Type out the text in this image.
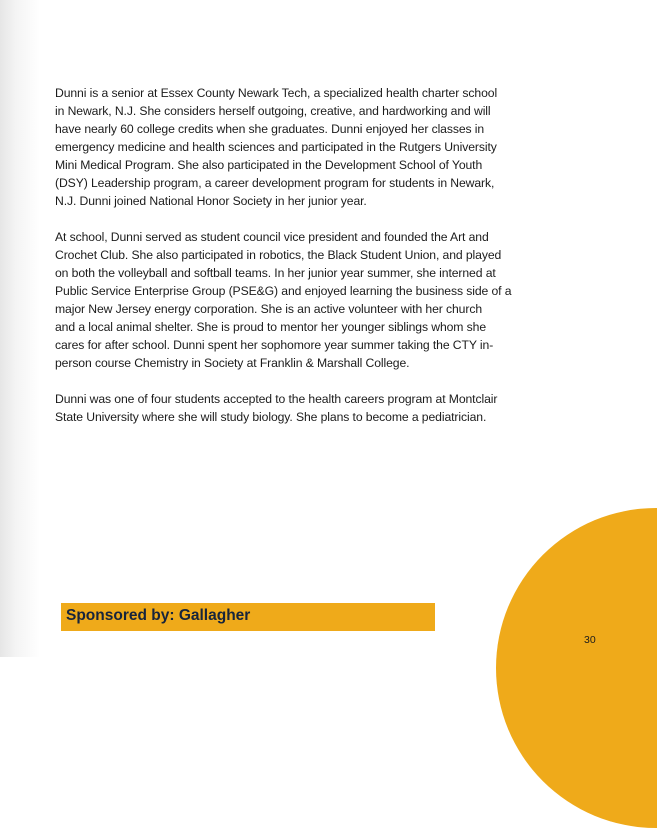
Dunni is a senior at Essex County Newark Tech, a specialized health charter school
in Newark, N.J. She considers herself outgoing, creative, and hardworking and will
have nearly 60 college credits when she graduates. Dunni enjoyed her classes in
emergency medicine and health sciences and participated in the Rutgers University
Mini Medical Program. She also participated in the Development School of Youth
(DSY) Leadership program, a career development program for students in Newark,
N.J. Dunni joined National Honor Society in her junior year.

At school, Dunni served as student council vice president and founded the Art and
Crochet Club. She also participated in robotics, the Black Student Union, and played
on both the volleyball and softball teams. In her junior year summer, she interned at
Public Service Enterprise Group (PSE&G) and enjoyed learning the business side of a
major New Jersey energy corporation. She is an active volunteer with her church
and a local animal shelter. She is proud to mentor her younger siblings whom she
cares for after school. Dunni spent her sophomore year summer taking the CTY in-
person course Chemistry in Society at Franklin & Marshall College.

Dunni was one of four students accepted to the health careers program at Montclair
State University where she will study biology. She plans to become a pediatrician.

Sponsored by: Gallagher
30
